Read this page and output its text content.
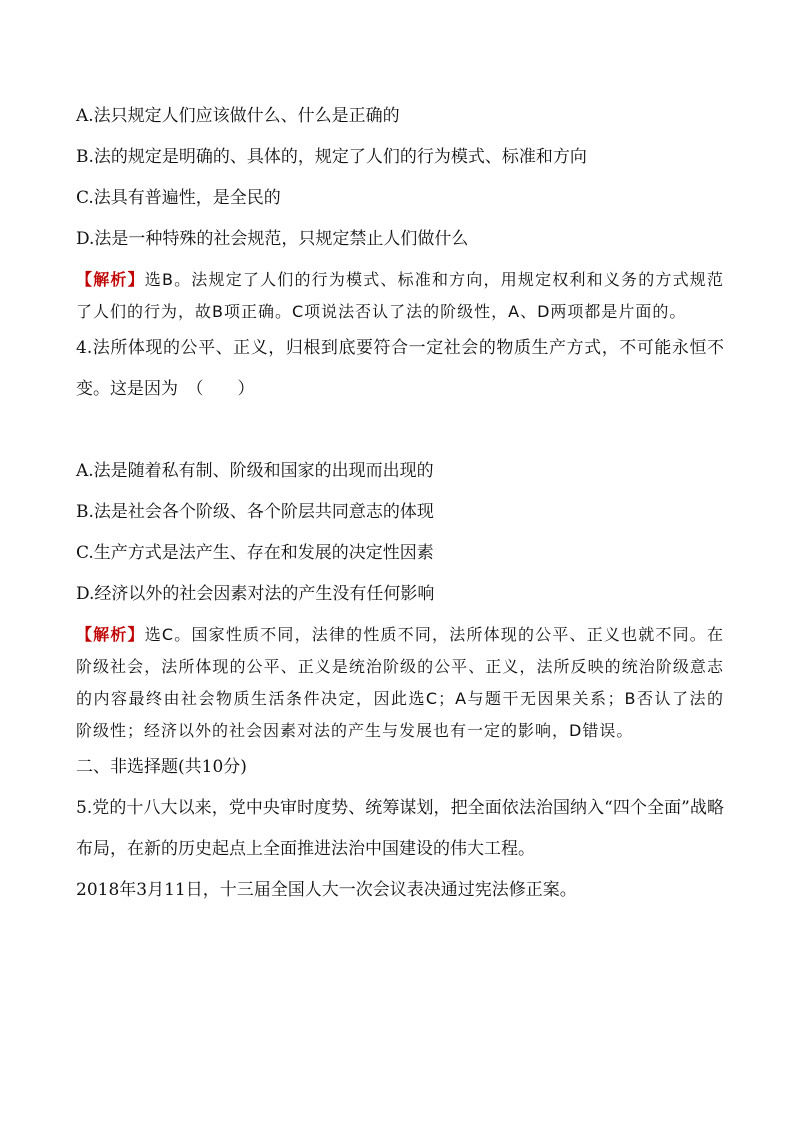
A.法只规定人们应该做什么、什么是正确的

B.法的规定是明确的、具体的，规定了人们的行为模式、标准和方向

C.法具有普遍性，是全民的

D.法是一种特殊的社会规范，只规定禁止人们做什么

【解析】选B。法规定了人们的行为模式、标准和方向，用规定权利和义务的方式规范了人们的行为，故B项正确。C项说法否认了法的阶级性，A、D两项都是片面的。

4.法所体现的公平、正义，归根到底要符合一定社会的物质生产方式，不可能永恒不变。这是因为　（　　）

A.法是随着私有制、阶级和国家的出现而出现的

B.法是社会各个阶级、各个阶层共同意志的体现

C.生产方式是法产生、存在和发展的决定性因素

D.经济以外的社会因素对法的产生没有任何影响

【解析】选C。国家性质不同，法律的性质不同，法所体现的公平、正义也就不同。在阶级社会，法所体现的公平、正义是统治阶级的公平、正义，法所反映的统治阶级意志的内容最终由社会物质生活条件决定，因此选C；A与题干无因果关系；B否认了法的阶级性；经济以外的社会因素对法的产生与发展也有一定的影响，D错误。

二、非选择题(共10分)

5.党的十八大以来，党中央审时度势、统筹谋划，把全面依法治国纳入“四个全面”战略布局，在新的历史起点上全面推进法治中国建设的伟大工程。

2018年3月11日，十三届全国人大一次会议表决通过宪法修正案。
